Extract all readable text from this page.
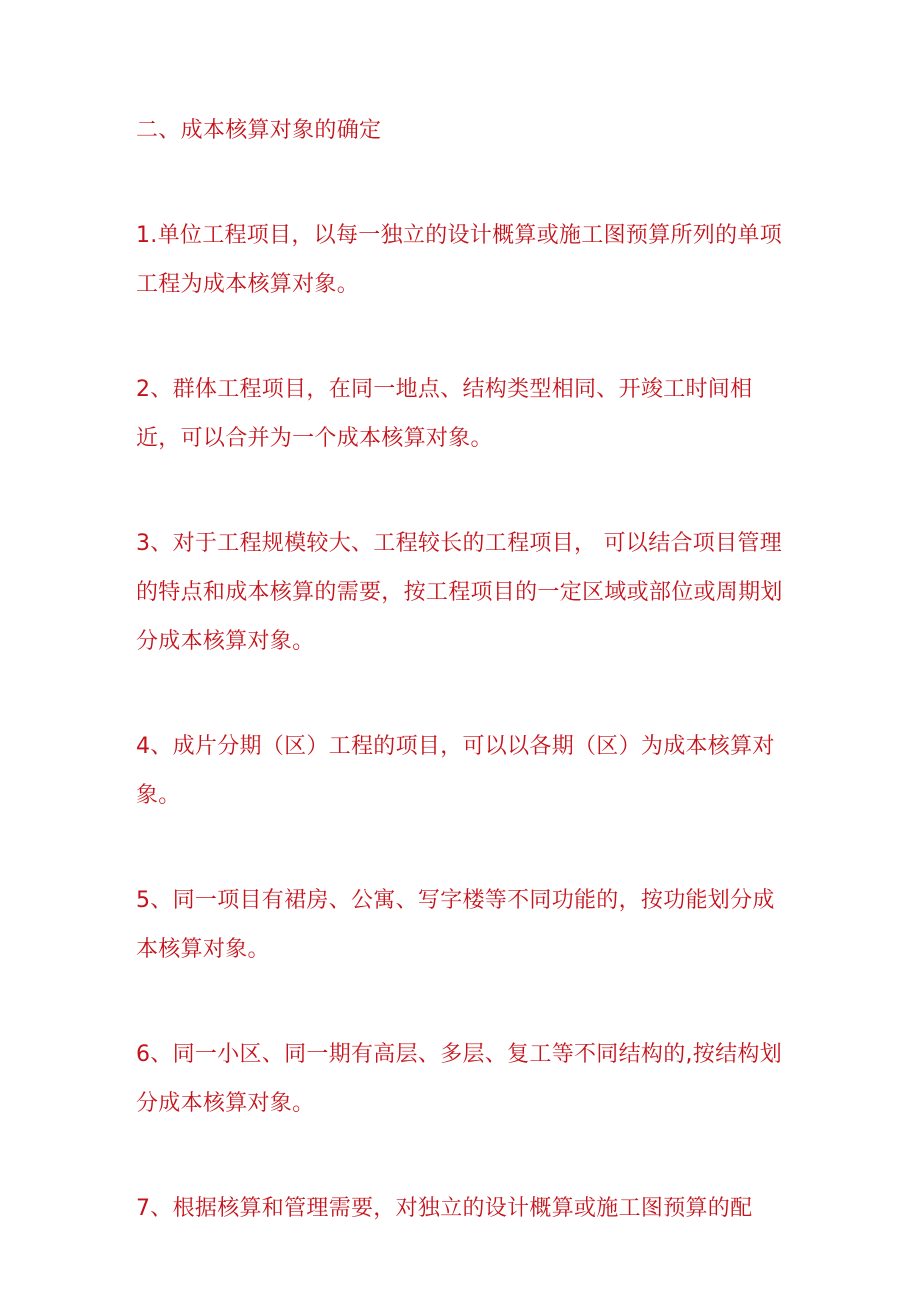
二、成本核算对象的确定

1.单位工程项目，以每一独立的设计概算或施工图预算所列的单项工程为成本核算对象。

2、群体工程项目，在同一地点、结构类型相同、开竣工时间相近，可以合并为一个成本核算对象。

3、对于工程规模较大、工程较长的工程项目， 可以结合项目管理的特点和成本核算的需要，按工程项目的一定区域或部位或周期划分成本核算对象。

4、成片分期（区）工程的项目，可以以各期（区）为成本核算对象。

5、同一项目有裙房、公寓、写字楼等不同功能的，按功能划分成本核算对象。

6、同一小区、同一期有高层、多层、复工等不同结构的,按结构划分成本核算对象。

7、根据核算和管理需要，对独立的设计概算或施工图预算的配
